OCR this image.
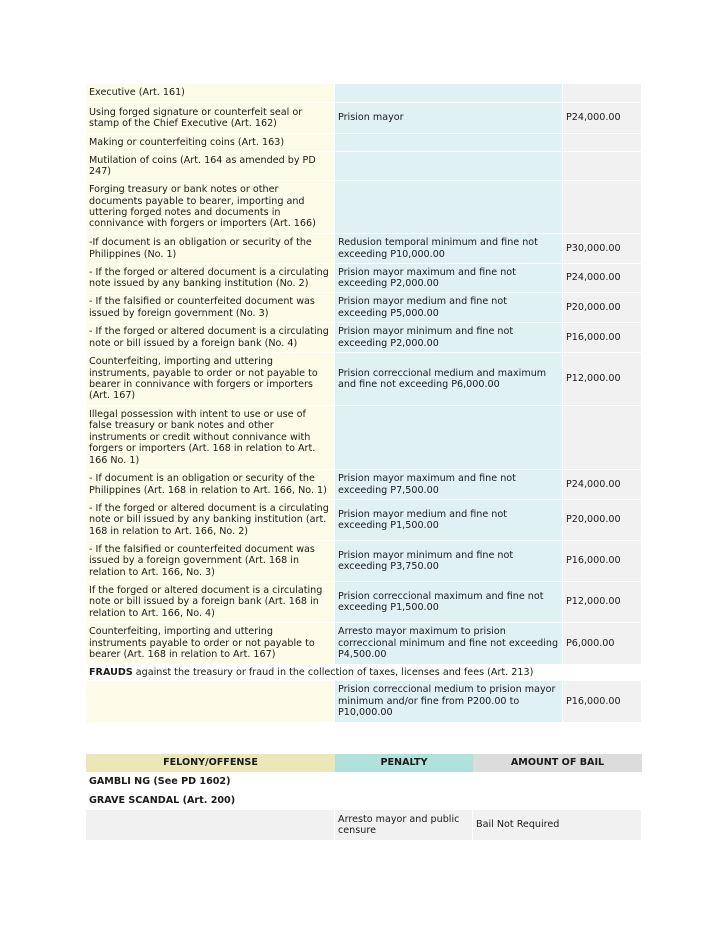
Executive (Art. 161)		
Using forged signature or counterfeit seal or stamp of the Chief Executive (Art. 162)	Prision mayor	P24,000.00
Making or counterfeiting coins (Art. 163)		
Mutilation of coins (Art. 164 as amended by PD 247)		
Forging treasury or bank notes or other documents payable to bearer, importing and uttering forged notes and documents in connivance with forgers or importers (Art. 166)		
-If document is an obligation or security of the Philippines (No. 1)	Redusion temporal minimum and fine not exceeding P10,000.00	P30,000.00
- If the forged or altered document is a circulating note issued by any banking institution (No. 2)	Prision mayor maximum and fine not exceeding P2,000.00	P24,000.00
- If the falsified or counterfeited document was issued by foreign government (No. 3)	Prision mayor medium and fine not exceeding P5,000.00	P20,000.00
- If the forged or altered document is a circulating note or bill issued by a foreign bank (No. 4)	Prision mayor minimum and fine not exceeding P2,000.00	P16,000.00
Counterfeiting, importing and uttering instruments, payable to order or not payable to bearer in connivance with forgers or importers (Art. 167)	Prision correccional medium and maximum and fine not exceeding P6,000.00	P12,000.00
Illegal possession with intent to use or use of false treasury or bank notes and other instruments or credit without connivance with forgers or importers (Art. 168 in relation to Art. 166 No. 1)		
- If document is an obligation or security of the Philippines (Art. 168 in relation to Art. 166, No. 1)	Prision mayor maximum and fine not exceeding P7,500.00	P24,000.00
- If the forged or altered document is a circulating note or bill issued by any banking institution (art. 168 in relation to Art. 166, No. 2)	Prision mayor medium and fine not exceeding P1,500.00	P20,000.00
- If the falsified or counterfeited document was issued by a foreign government (Art. 168 in relation to Art. 166, No. 3)	Prision mayor minimum and fine not exceeding P3,750.00	P16,000.00
If the forged or altered document is a circulating note or bill issued by a foreign bank (Art. 168 in relation to Art. 166, No. 4)	Prision correccional maximum and fine not exceeding P1,500.00	P12,000.00
Counterfeiting, importing and uttering instruments payable to order or not payable to bearer (Art. 168 in relation to Art. 167)	Arresto mayor maximum to prision correccional minimum and fine not exceeding P4,500.00	P6,000.00
FRAUDS against the treasury or fraud in the collection of taxes, licenses and fees (Art. 213)		
	Prision correccional medium to prision mayor minimum and/or fine from P200.00 to P10,000.00	P16,000.00
FELONY/OFFENSE	PENALTY	AMOUNT OF BAIL
GAMBLI NG (See PD 1602)		
GRAVE SCANDAL (Art. 200)		
	Arresto mayor and public censure	Bail Not Required
